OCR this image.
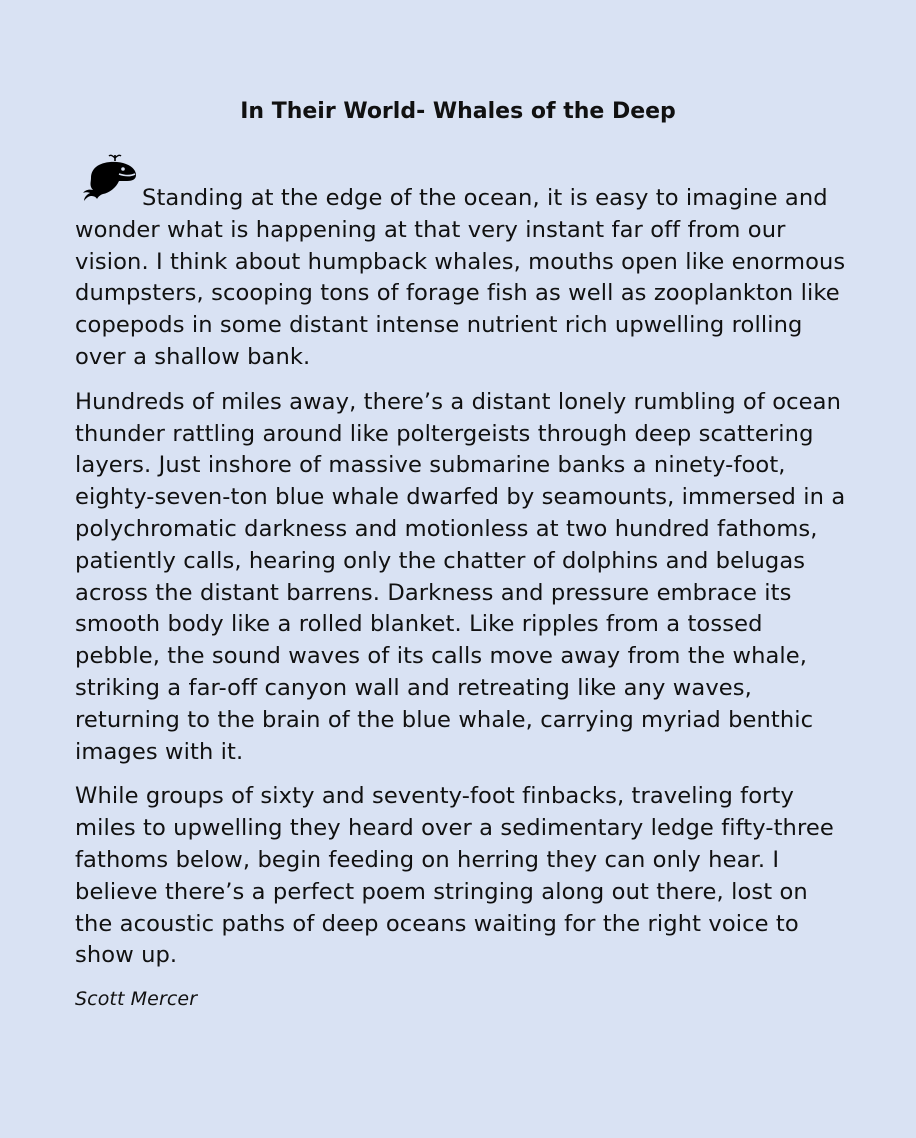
In Their World- Whales of the Deep
Standing at the edge of the ocean, it is easy to imagine and wonder what is happening at that very instant far off from our vision. I think about humpback whales, mouths open like enormous dumpsters, scooping tons of forage fish as well as zooplankton like copepods in some distant intense nutrient rich upwelling rolling over a shallow bank.
Hundreds of miles away, there’s a distant lonely rumbling of ocean thunder rattling around like poltergeists through deep scattering layers. Just inshore of massive submarine banks a ninety-foot, eighty-seven-ton blue whale dwarfed by seamounts, immersed in a polychromatic darkness and motionless at two hundred fathoms, patiently calls, hearing only the chatter of dolphins and belugas across the distant barrens. Darkness and pressure embrace its smooth body like a rolled blanket. Like ripples from a tossed pebble, the sound waves of its calls move away from the whale, striking a far-off canyon wall and retreating like any waves, returning to the brain of the blue whale, carrying myriad benthic images with it.
While groups of sixty and seventy-foot finbacks, traveling forty miles to upwelling they heard over a sedimentary ledge fifty-three fathoms below, begin feeding on herring they can only hear. I believe there’s a perfect poem stringing along out there, lost on the acoustic paths of deep oceans waiting for the right voice to show up.
Scott Mercer
